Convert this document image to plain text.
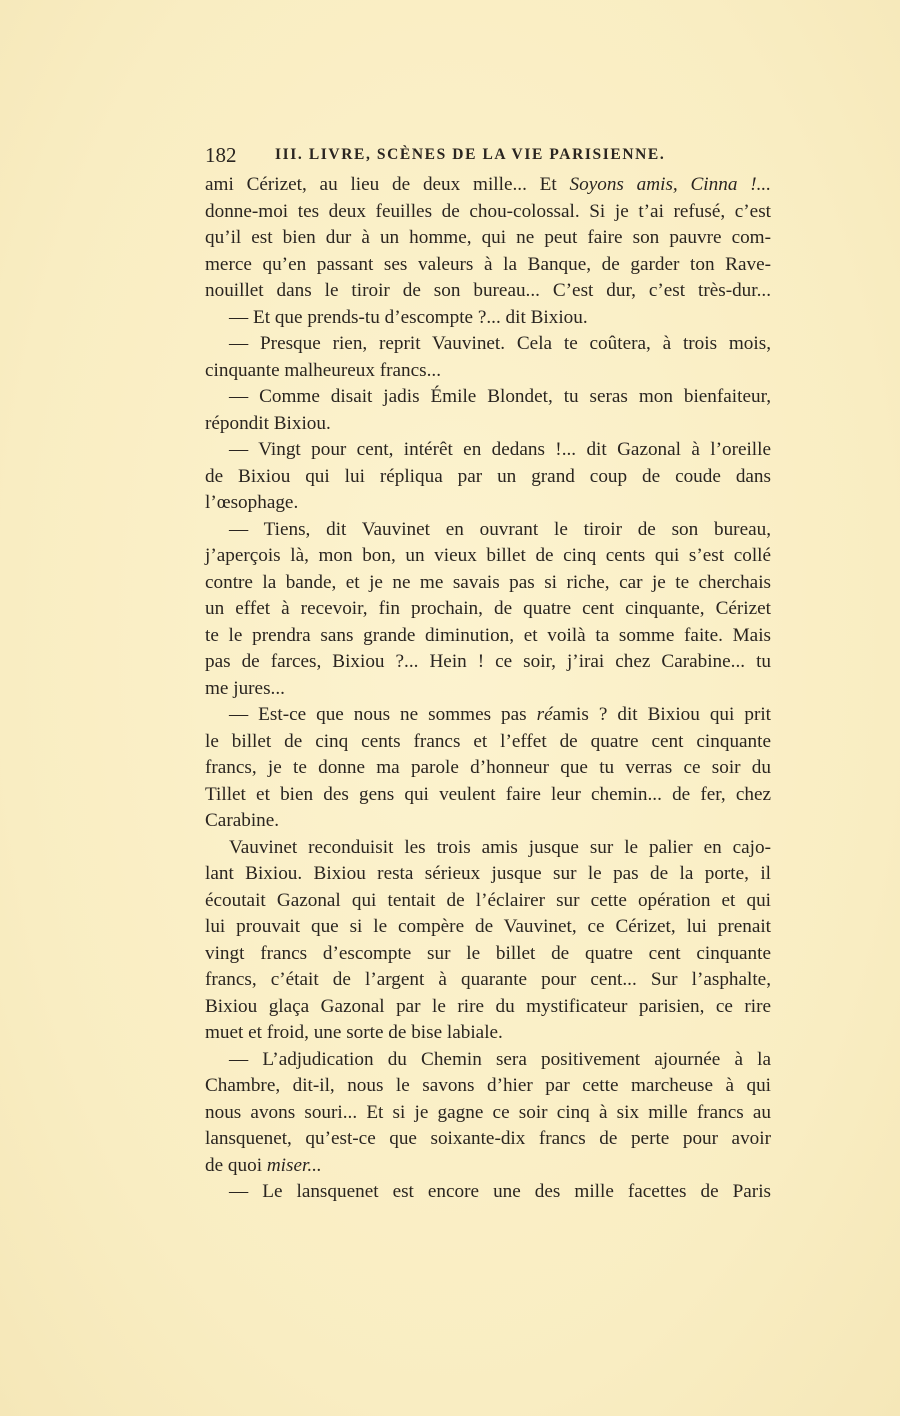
182 III. LIVRE, SCÈNES DE LA VIE PARISIENNE.
ami Cérizet, au lieu de deux mille... Et Soyons amis, Cinna !...
donne-moi tes deux feuilles de chou-colossal. Si je t’ai refusé, c’est
qu’il est bien dur à un homme, qui ne peut faire son pauvre com-
merce qu’en passant ses valeurs à la Banque, de garder ton Rave-
nouillet dans le tiroir de son bureau... C’est dur, c’est très-dur...
— Et que prends-tu d’escompte ?... dit Bixiou.
— Presque rien, reprit Vauvinet. Cela te coûtera, à trois mois,
cinquante malheureux francs...
— Comme disait jadis Émile Blondet, tu seras mon bienfaiteur,
répondit Bixiou.
— Vingt pour cent, intérêt en dedans !... dit Gazonal à l’oreille
de Bixiou qui lui répliqua par un grand coup de coude dans
l’œsophage.
— Tiens, dit Vauvinet en ouvrant le tiroir de son bureau,
j’aperçois là, mon bon, un vieux billet de cinq cents qui s’est collé
contre la bande, et je ne me savais pas si riche, car je te cherchais
un effet à recevoir, fin prochain, de quatre cent cinquante, Cérizet
te le prendra sans grande diminution, et voilà ta somme faite. Mais
pas de farces, Bixiou ?... Hein ! ce soir, j’irai chez Carabine... tu
me jures...
— Est-ce que nous ne sommes pas réamis ? dit Bixiou qui prit
le billet de cinq cents francs et l’effet de quatre cent cinquante
francs, je te donne ma parole d’honneur que tu verras ce soir du
Tillet et bien des gens qui veulent faire leur chemin... de fer, chez
Carabine.
Vauvinet reconduisit les trois amis jusque sur le palier en cajo-
lant Bixiou. Bixiou resta sérieux jusque sur le pas de la porte, il
écoutait Gazonal qui tentait de l’éclairer sur cette opération et qui
lui prouvait que si le compère de Vauvinet, ce Cérizet, lui prenait
vingt francs d’escompte sur le billet de quatre cent cinquante
francs, c’était de l’argent à quarante pour cent... Sur l’asphalte,
Bixiou glaça Gazonal par le rire du mystificateur parisien, ce rire
muet et froid, une sorte de bise labiale.
— L’adjudication du Chemin sera positivement ajournée à la
Chambre, dit-il, nous le savons d’hier par cette marcheuse à qui
nous avons souri... Et si je gagne ce soir cinq à six mille francs au
lansquenet, qu’est-ce que soixante-dix francs de perte pour avoir
de quoi miser...
— Le lansquenet est encore une des mille facettes de Paris
